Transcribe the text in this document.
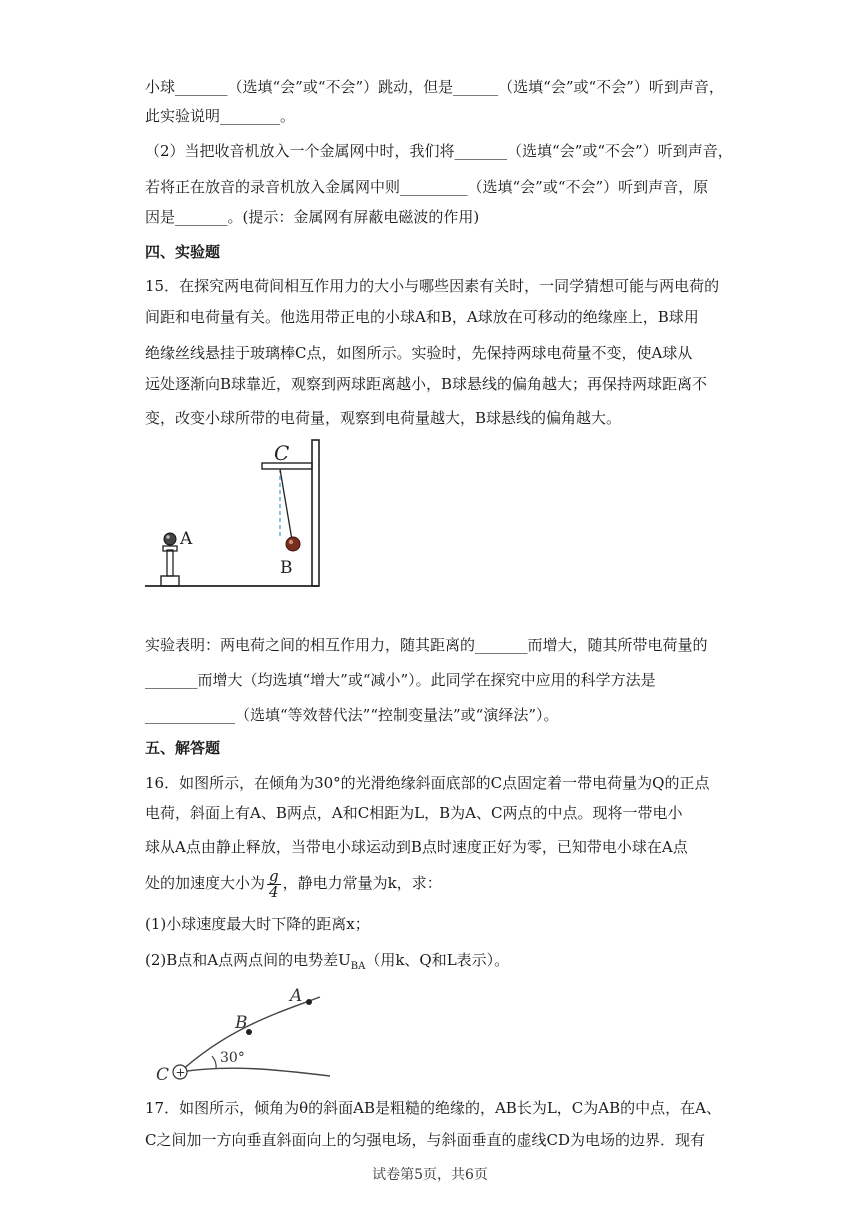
小球_______（选填“会”或“不会”）跳动，但是______（选填“会”或“不会”）听到声音，
此实验说明________。
（2）当把收音机放入一个金属网中时，我们将_______（选填“会”或“不会”）听到声音，
若将正在放音的录音机放入金属网中则_________（选填“会”或“不会”）听到声音，原
因是_______。(提示：金属网有屏蔽电磁波的作用)
四、实验题
15．在探究两电荷间相互作用力的大小与哪些因素有关时，一同学猜想可能与两电荷的
间距和电荷量有关。他选用带正电的小球A和B，A球放在可移动的绝缘座上，B球用
绝缘丝线悬挂于玻璃棒C点，如图所示。实验时，先保持两球电荷量不变，使A球从
远处逐渐向B球靠近，观察到两球距离越小，B球悬线的偏角越大；再保持两球距离不
变，改变小球所带的电荷量，观察到电荷量越大，B球悬线的偏角越大。
C
B
A
实验表明：两电荷之间的相互作用力，随其距离的_______而增大，随其所带电荷量的
_______而增大（均选填“增大”或“减小”）。此同学在探究中应用的科学方法是
____________（选填“等效替代法”“控制变量法”或“演绎法”）。
五、解答题
16．如图所示，在倾角为30°的光滑绝缘斜面底部的C点固定着一带电荷量为Q的正点
电荷，斜面上有A、B两点，A和C相距为L，B为A、C两点的中点。现将一带电小
球从A点由静止释放，当带电小球运动到B点时速度正好为零，已知带电小球在A点
处的加速度大小为 $\frac{g}{4}$ ，静电力常量为k，求：
(1)小球速度最大时下降的距离x；
(2)B点和A点两点间的电势差$U_{BA}$（用k、Q和L表示）。
30°
+
C
B
A
17．如图所示，倾角为θ的斜面AB是粗糙的绝缘的，AB长为L，C为AB的中点，在A、
C之间加一方向垂直斜面向上的匀强电场，与斜面垂直的虚线CD为电场的边界．现有
试卷第5页，共6页
